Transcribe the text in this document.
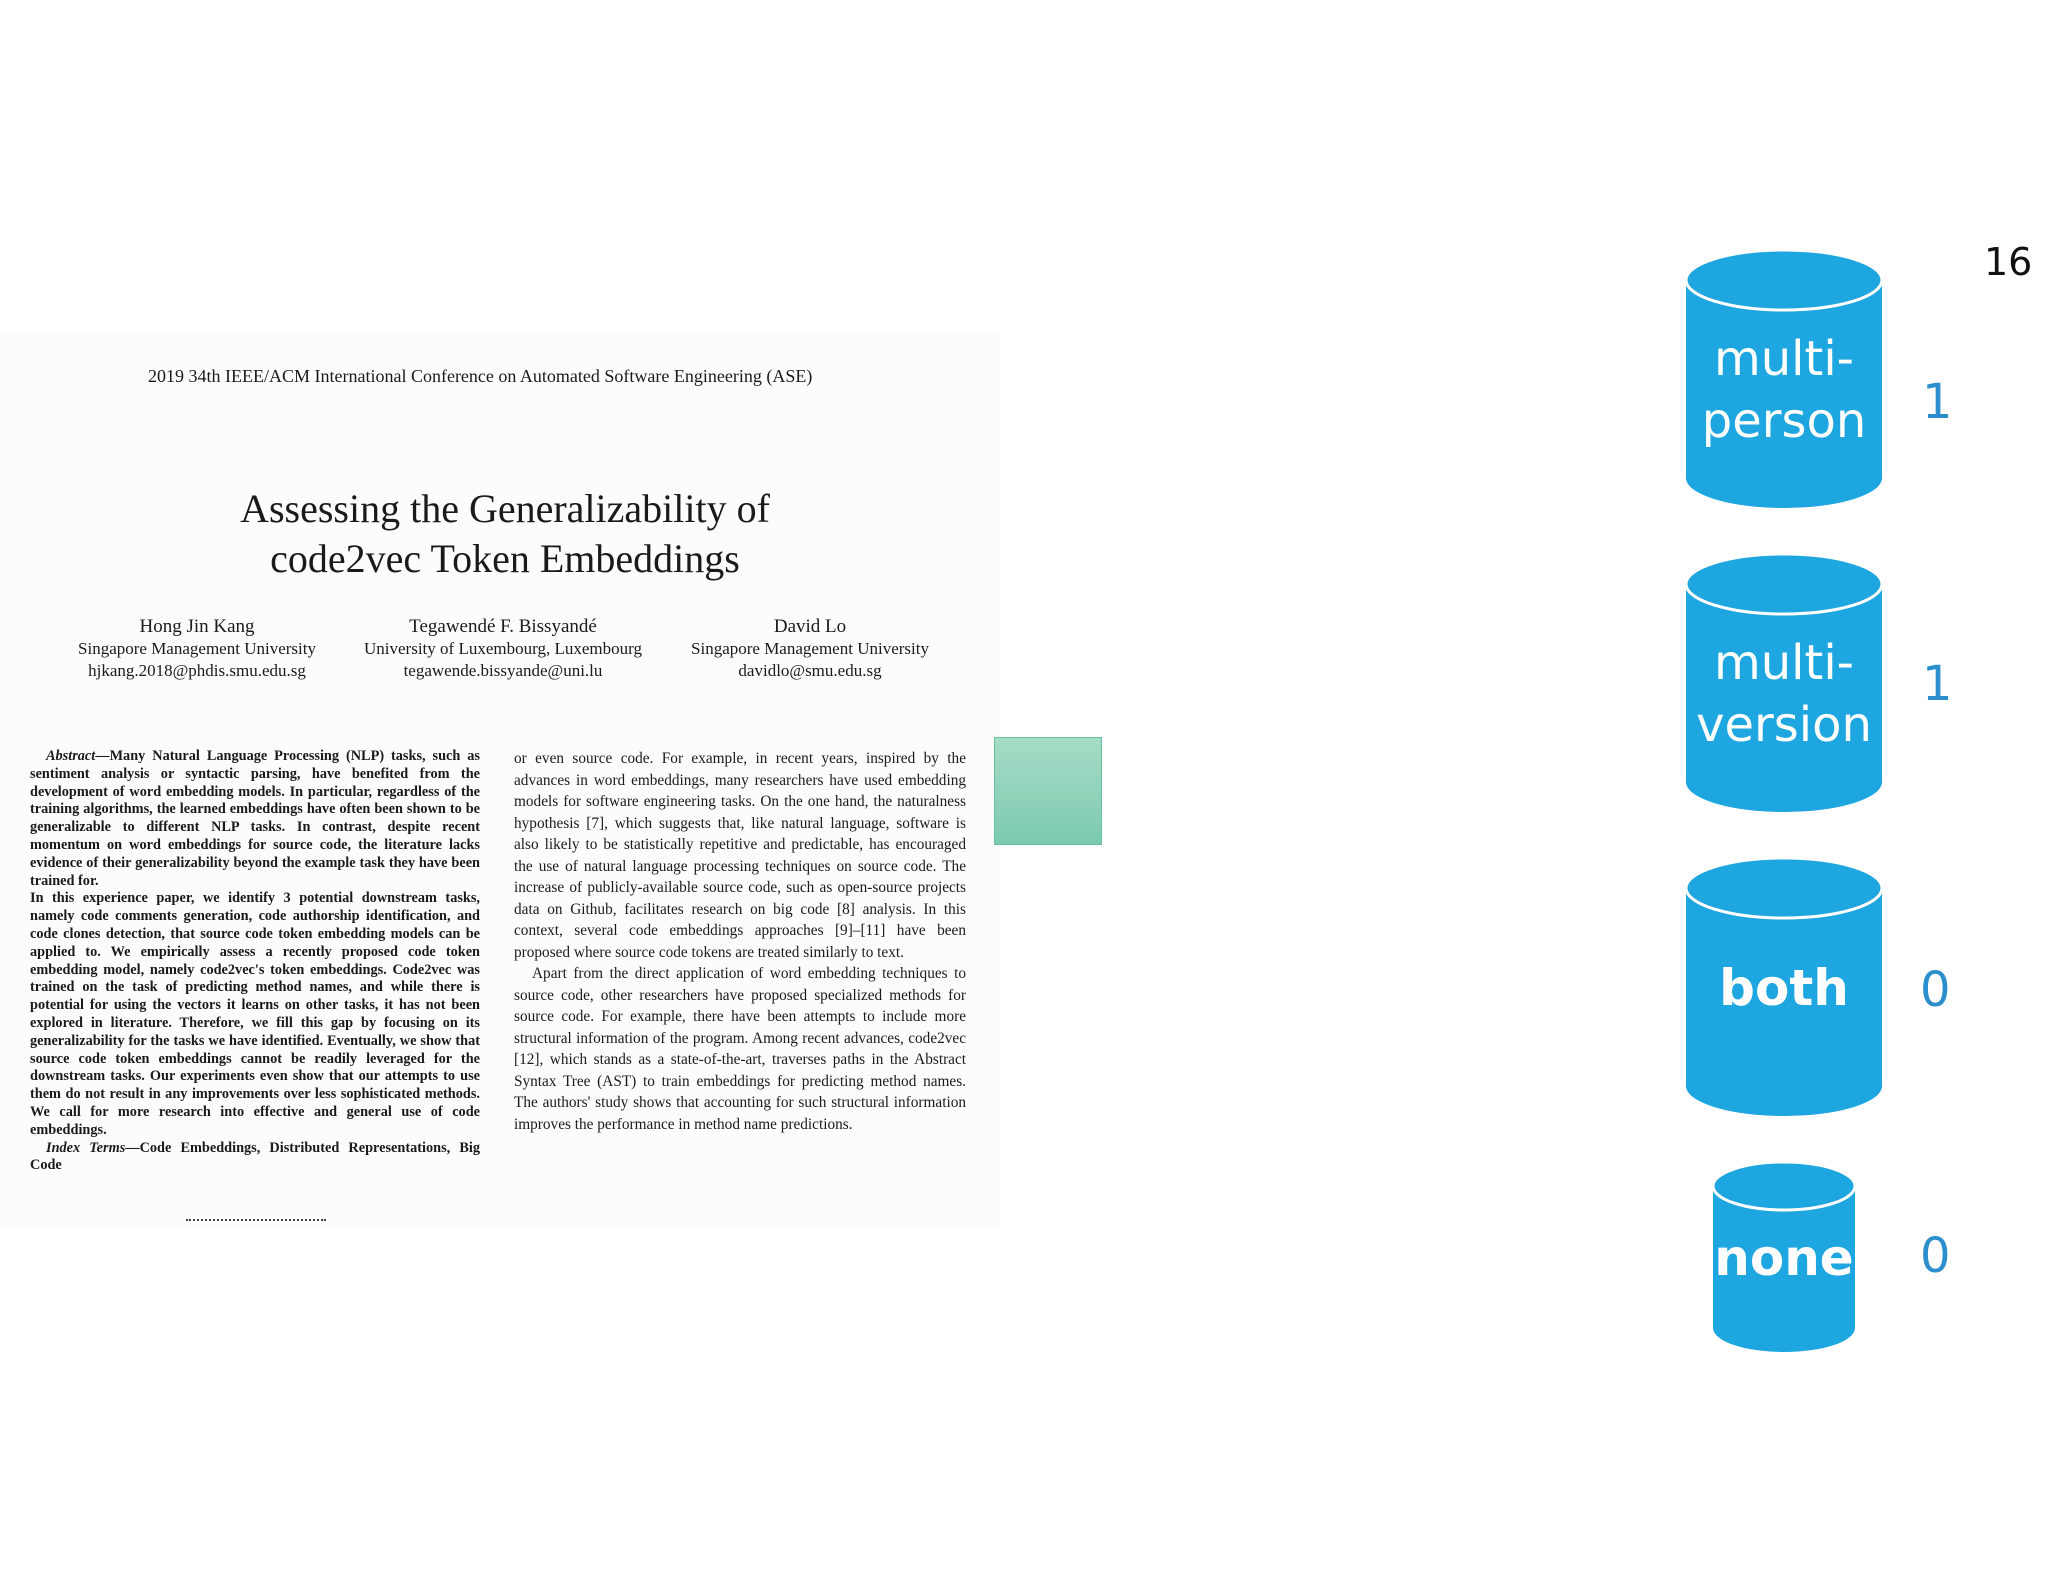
16
2019 34th IEEE/ACM International Conference on Automated Software Engineering (ASE)
Assessing the Generalizability of
code2vec Token Embeddings
Hong Jin Kang
Singapore Management University
hjkang.2018@phdis.smu.edu.sg
Tegawendé F. Bissyandé
University of Luxembourg, Luxembourg
tegawende.bissyande@uni.lu
David Lo
Singapore Management University
davidlo@smu.edu.sg

Abstract—Many Natural Language Processing (NLP) tasks, such as sentiment analysis or syntactic parsing, have benefited from the development of word embedding models. In particular, regardless of the training algorithms, the learned embeddings have often been shown to be generalizable to different NLP tasks. In contrast, despite recent momentum on word embeddings for source code, the literature lacks evidence of their generalizability beyond the example task they have been trained for.

In this experience paper, we identify 3 potential downstream tasks, namely code comments generation, code authorship identification, and code clones detection, that source code token embedding models can be applied to. We empirically assess a recently proposed code token embedding model, namely code2vec's token embeddings. Code2vec was trained on the task of predicting method names, and while there is potential for using the vectors it learns on other tasks, it has not been explored in literature. Therefore, we fill this gap by focusing on its generalizability for the tasks we have identified. Eventually, we show that source code token embeddings cannot be readily leveraged for the downstream tasks. Our experiments even show that our attempts to use them do not result in any improvements over less sophisticated methods. We call for more research into effective and general use of code embeddings.

Index Terms—Code Embeddings, Distributed Representations, Big Code

or even source code. For example, in recent years, inspired by the advances in word embeddings, many researchers have used embedding models for software engineering tasks. On the one hand, the naturalness hypothesis [7], which suggests that, like natural language, software is also likely to be statistically repetitive and predictable, has encouraged the use of natural language processing techniques on source code. The increase of publicly-available source code, such as open-source projects data on Github, facilitates research on big code [8] analysis. In this context, several code embeddings approaches [9]–[11] have been proposed where source code tokens are treated similarly to text.

Apart from the direct application of word embedding techniques to source code, other researchers have proposed specialized methods for source code. For example, there have been attempts to include more structural information of the program. Among recent advances, code2vec [12], which stands as a state-of-the-art, traverses paths in the Abstract Syntax Tree (AST) to train embeddings for predicting method names. The authors' study shows that accounting for such structural information improves the performance in method name predictions.

multi-
person	1
multi-
version
1
both	0
none 0
